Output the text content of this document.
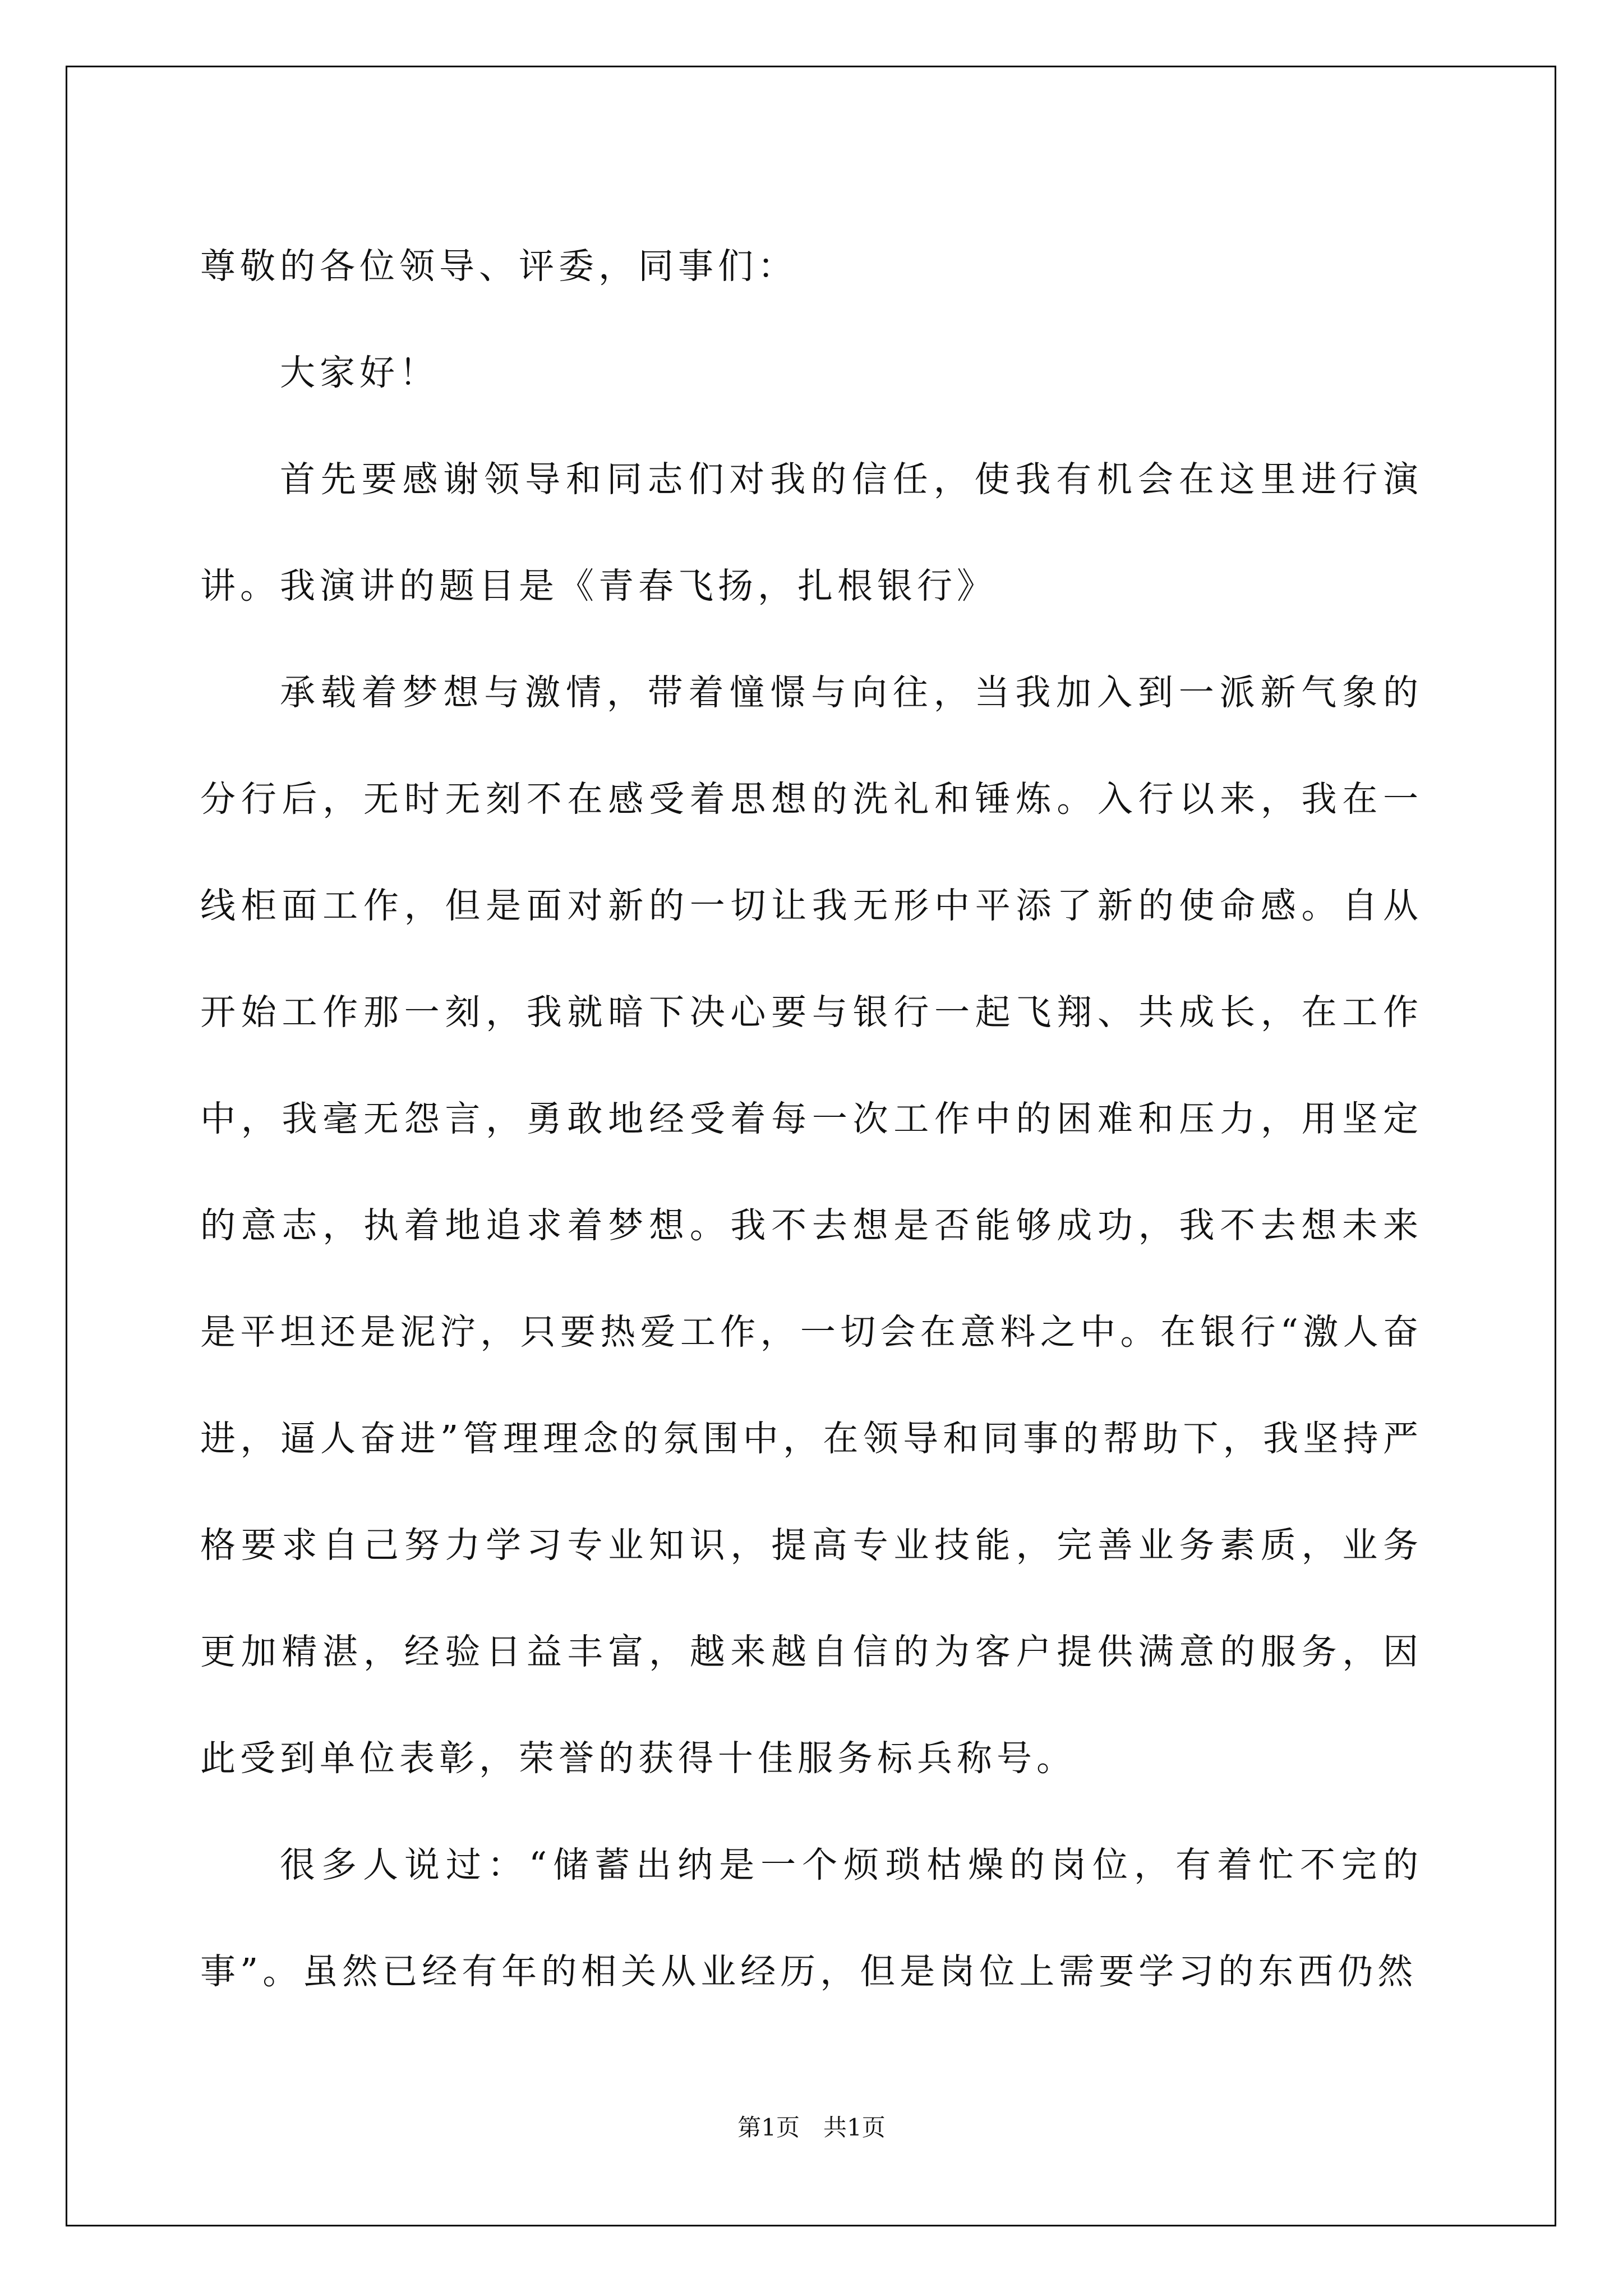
尊敬的各位领导、评委，同事们：

大家好！

首先要感谢领导和同志们对我的信任，使我有机会在这里进行演讲。我演讲的题目是《青春飞扬，扎根银行》

承载着梦想与激情，带着憧憬与向往，当我加入到一派新气象的分行后，无时无刻不在感受着思想的洗礼和锤炼。入行以来，我在一线柜面工作，但是面对新的一切让我无形中平添了新的使命感。自从开始工作那一刻，我就暗下决心要与银行一起飞翔、共成长，在工作中，我毫无怨言，勇敢地经受着每一次工作中的困难和压力，用坚定的意志，执着地追求着梦想。我不去想是否能够成功，我不去想未来是平坦还是泥泞，只要热爱工作，一切会在意料之中。在银行“激人奋进，逼人奋进”管理理念的氛围中，在领导和同事的帮助下，我坚持严格要求自己努力学习专业知识，提高专业技能，完善业务素质，业务更加精湛，经验日益丰富，越来越自信的为客户提供满意的服务，因此受到单位表彰，荣誉的获得十佳服务标兵称号。

很多人说过：“储蓄出纳是一个烦琐枯燥的岗位，有着忙不完的事”。虽然已经有年的相关从业经历，但是岗位上需要学习的东西仍然

第1页　共1页
